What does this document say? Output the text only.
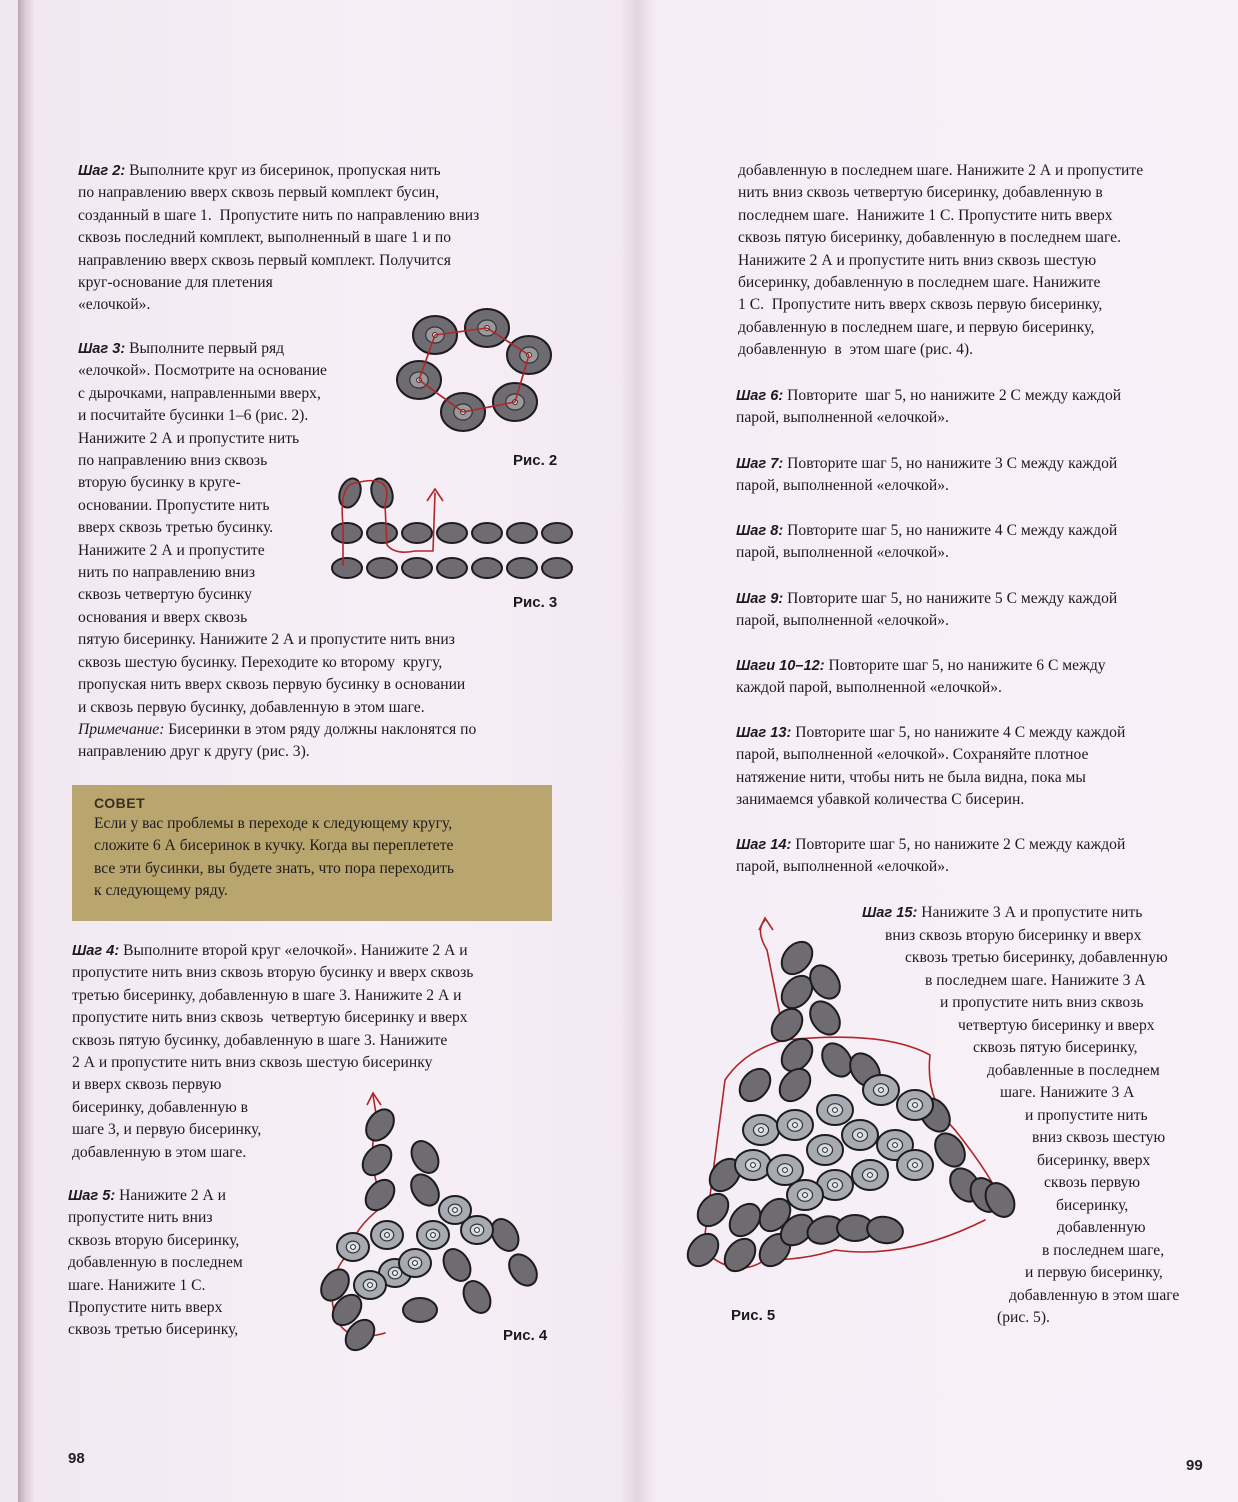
Шаг 2: Выполните круг из бисеринок, пропуская нить
по направлению вверх сквозь первый комплект бусин,
созданный в шаге 1.  Пропустите нить по направлению вниз
сквозь последний комплект, выполненный в шаге 1 и по
направлению вверх сквозь первый комплект. Получится
круг-основание для плетения
«елочкой».
Шаг 3: Выполните первый ряд
«елочкой». Посмотрите на основание
с дырочками, направленными вверх,
и посчитайте бусинки 1–6 (рис. 2).
Нанижите 2 А и пропустите нить
по направлению вниз сквозь
вторую бусинку в круге-
основании. Пропустите нить
вверх сквозь третью бусинку.
Нанижите 2 А и пропустите
нить по направлению вниз
сквозь четвертую бусинку
основания и вверх сквозь
пятую бисеринку. Нанижите 2 А и пропустите нить вниз
сквозь шестую бусинку. Переходите ко второму  кругу,
пропуская нить вверх сквозь первую бусинку в основании
и сквозь первую бусинку, добавленную в этом шаге.
Примечание: Бисеринки в этом ряду должны наклонятся по
направлению друг к другу (рис. 3).
Рис. 2
Рис. 3
СОВЕТ
Если у вас проблемы в переходе к следующему кругу,
сложите 6 А бисеринок в кучку. Когда вы переплетете
все эти бусинки, вы будете знать, что пора переходить
к следующему ряду.
Шаг 4: Выполните второй круг «елочкой». Нанижите 2 А и
пропустите нить вниз сквозь вторую бусинку и вверх сквозь
третью бисеринку, добавленную в шаге 3. Нанижите 2 А и
пропустите нить вниз сквозь  четвертую бисеринку и вверх
сквозь пятую бусинку, добавленную в шаге 3. Нанижите
2 А и пропустите нить вниз сквозь шестую бисеринку
и вверх сквозь первую
бисеринку, добавленную в
шаге 3, и первую бисеринку,
добавленную в этом шаге.
Шаг 5: Нанижите 2 А и
пропустите нить вниз
сквозь вторую бисеринку,
добавленную в последнем
шаге. Нанижите 1 С.
Пропустите нить вверх
сквозь третью бисеринку,	Рис. 4
98
добавленную в последнем шаге. Нанижите 2 А и пропустите
нить вниз сквозь четвертую бисеринку, добавленную в
последнем шаге.  Нанижите 1 С. Пропустите нить вверх
сквозь пятую бисеринку, добавленную в последнем шаге.
Нанижите 2 А и пропустите нить вниз сквозь шестую
бисеринку, добавленную в последнем шаге. Нанижите
1 С.  Пропустите нить вверх сквозь первую бисеринку,
добавленную в последнем шаге, и первую бисеринку,
добавленную  в  этом шаге (рис. 4).
Шаг 6: Повторите  шаг 5, но нанижите 2 С между каждой
парой, выполненной «елочкой».
Шаг 7: Повторите шаг 5, но нанижите 3 С между каждой
парой, выполненной «елочкой».
Шаг 8: Повторите шаг 5, но нанижите 4 С между каждой
парой, выполненной «елочкой».
Шаг 9: Повторите шаг 5, но нанижите 5 С между каждой
парой, выполненной «елочкой».
Шаги 10–12: Повторите шаг 5, но нанижите 6 С между
каждой парой, выполненной «елочкой».
Шаг 13: Повторите шаг 5, но нанижите 4 С между каждой
парой, выполненной «елочкой». Сохраняйте плотное
натяжение нити, чтобы нить не была видна, пока мы
занимаемся убавкой количества С бисерин.
Шаг 14: Повторите шаг 5, но нанижите 2 С между каждой
парой, выполненной «елочкой».
Шаг 15: Нанижите 3 А и пропустите нить
вниз сквозь вторую бисеринку и вверх
сквозь третью бисеринку, добавленную
в последнем шаге. Нанижите 3 А
и пропустите нить вниз сквозь
четвертую бисеринку и вверх
сквозь пятую бисеринку,
добавленные в последнем
шаге. Нанижите 3 А
и пропустите нить
вниз сквозь шестую
бисеринку, вверх
сквозь первую
бисеринку,
добавленную
в последнем шаге,
и первую бисеринку,
добавленную в этом шаге
(рис. 5).
Рис. 5
99
